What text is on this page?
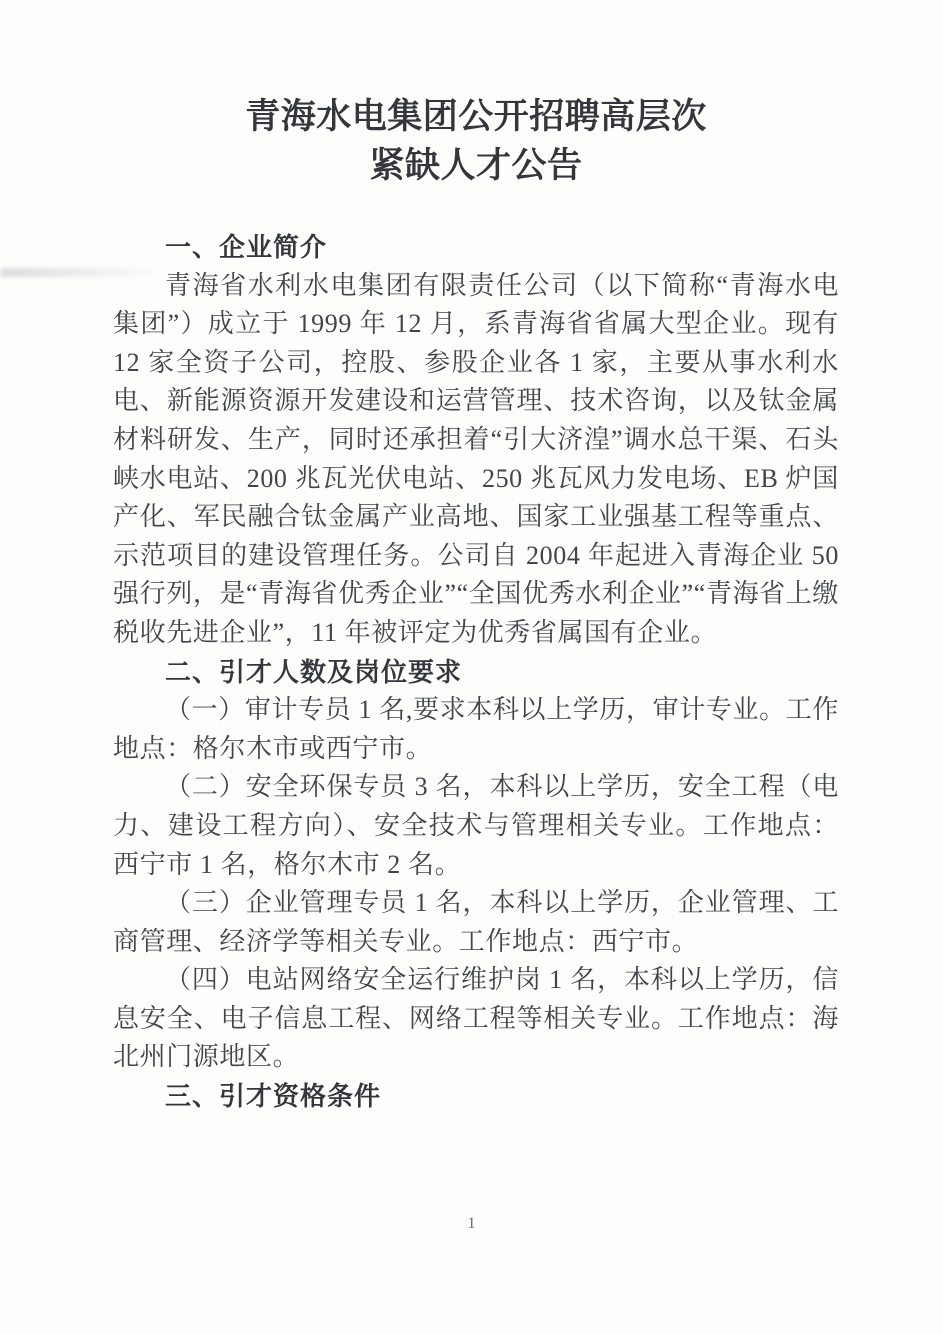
青海水电集团公开招聘高层次
紧缺人才公告
一、企业简介

青海省水利水电集团有限责任公司（以下简称“青海水电集团”）成立于 1999 年 12 月，系青海省省属大型企业。现有 12 家全资子公司，控股、参股企业各 1 家，主要从事水利水电、新能源资源开发建设和运营管理、技术咨询，以及钛金属材料研发、生产，同时还承担着“引大济湟”调水总干渠、石头峡水电站、200 兆瓦光伏电站、250 兆瓦风力发电场、EB 炉国产化、军民融合钛金属产业高地、国家工业强基工程等重点、示范项目的建设管理任务。公司自 2004 年起进入青海企业 50 强行列，是“青海省优秀企业”“全国优秀水利企业”“青海省上缴税收先进企业”，11 年被评定为优秀省属国有企业。

二、引才人数及岗位要求

（一）审计专员 1 名,要求本科以上学历，审计专业。工作地点：格尔木市或西宁市。

（二）安全环保专员 3 名，本科以上学历，安全工程（电力、建设工程方向）、安全技术与管理相关专业。工作地点：西宁市 1 名，格尔木市 2 名。

（三）企业管理专员 1 名，本科以上学历，企业管理、工商管理、经济学等相关专业。工作地点：西宁市。

（四）电站网络安全运行维护岗 1 名，本科以上学历，信息安全、电子信息工程、网络工程等相关专业。工作地点：海北州门源地区。

三、引才资格条件
1
